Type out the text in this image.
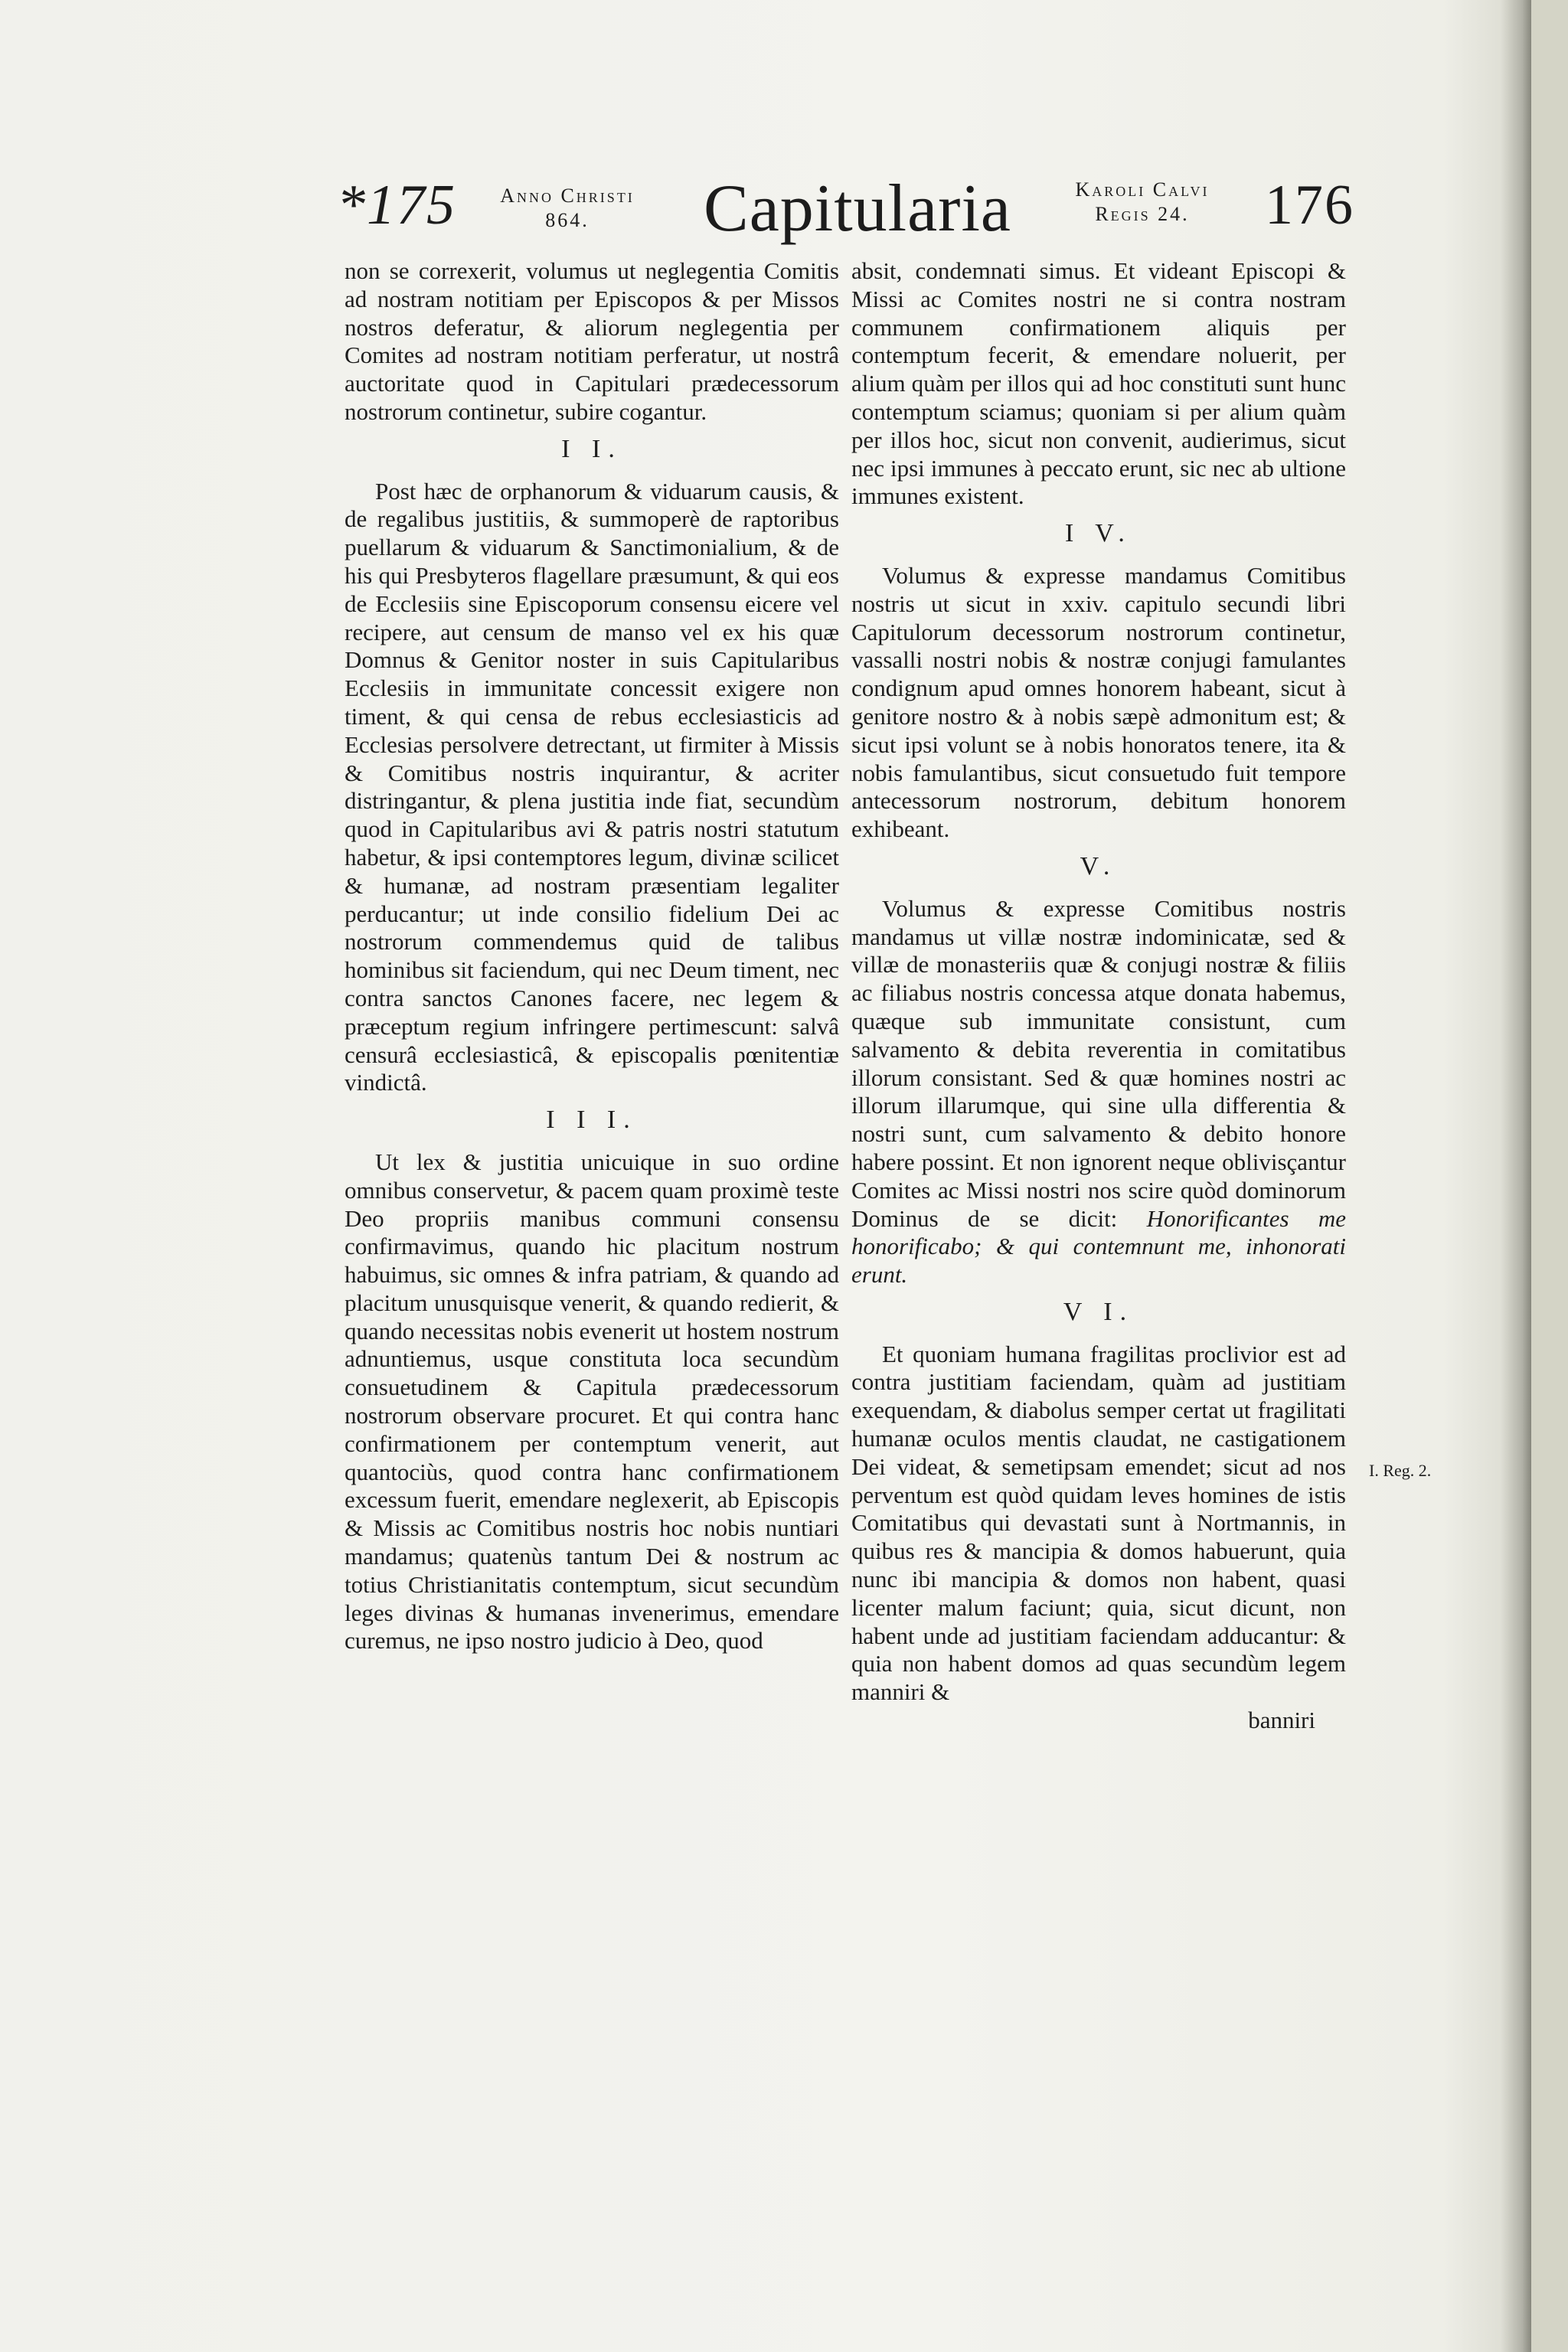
*175	Anno Christi
864.	Capitularia	Karoli Calvi
Regis 24.	176

non se correxerit, volumus ut neglegentia Comitis ad nostram notitiam per Episcopos & per Missos nostros deferatur, & aliorum neglegentia per Comites ad nostram notitiam perferatur, ut nostrâ auctoritate quod in Capitulari prædecessorum nostrorum continetur, subire cogantur.

I I.

Post hæc de orphanorum & viduarum causis, & de regalibus justitiis, & summoperè de raptoribus puellarum & viduarum & Sanctimonialium, & de his qui Presbyteros flagellare præsumunt, & qui eos de Ecclesiis sine Episcoporum consensu eicere vel recipere, aut censum de manso vel ex his quæ Domnus & Genitor noster in suis Capitularibus Ecclesiis in immunitate concessit exigere non timent, & qui censa de rebus ecclesiasticis ad Ecclesias persolvere detrectant, ut firmiter à Missis & Comitibus nostris inquirantur, & acriter distringantur, & plena justitia inde fiat, secundùm quod in Capitularibus avi & patris nostri statutum habetur, & ipsi contemptores legum, divinæ scilicet & humanæ, ad nostram præsentiam legaliter perducantur; ut inde consilio fidelium Dei ac nostrorum commendemus quid de talibus hominibus sit faciendum, qui nec Deum timent, nec contra sanctos Canones facere, nec legem & præceptum regium infringere pertimescunt: salvâ censurâ ecclesiasticâ, & episcopalis pœnitentiæ vindictâ.

I I I.

Ut lex & justitia unicuique in suo ordine omnibus conservetur, & pacem quam proximè teste Deo propriis manibus communi consensu confirmavimus, quando hic placitum nostrum habuimus, sic omnes & infra patriam, & quando ad placitum unusquisque venerit, & quando redierit, & quando necessitas nobis evenerit ut hostem nostrum adnuntiemus, usque constituta loca secundùm consuetudinem & Capitula prædecessorum nostrorum observare procuret. Et qui contra hanc confirmationem per contemptum venerit, aut quantociùs, quod contra hanc confirmationem excessum fuerit, emendare neglexerit, ab Episcopis & Missis ac Comitibus nostris hoc nobis nuntiari mandamus; quatenùs tantum Dei & nostrum ac totius Christianitatis contemptum, sicut secundùm leges divinas & humanas invenerimus, emendare curemus, ne ipso nostro judicio à Deo, quod

absit, condemnati simus. Et videant Episcopi & Missi ac Comites nostri ne si contra nostram communem confirmationem aliquis per contemptum fecerit, & emendare noluerit, per alium quàm per illos qui ad hoc constituti sunt hunc contemptum sciamus; quoniam si per alium quàm per illos hoc, sicut non convenit, audierimus, sicut nec ipsi immunes à peccato erunt, sic nec ab ultione immunes existent.

I V.

Volumus & expresse mandamus Comitibus nostris ut sicut in xxiv. capitulo secundi libri Capitulorum decessorum nostrorum continetur, vassalli nostri nobis & nostræ conjugi famulantes condignum apud omnes honorem habeant, sicut à genitore nostro & à nobis sæpè admonitum est; & sicut ipsi volunt se à nobis honoratos tenere, ita & nobis famulantibus, sicut consuetudo fuit tempore antecessorum nostrorum, debitum honorem exhibeant.

V.

Volumus & expresse Comitibus nostris mandamus ut villæ nostræ indominicatæ, sed & villæ de monasteriis quæ & conjugi nostræ & filiis ac filiabus nostris concessa atque donata habemus, quæque sub immunitate consistunt, cum salvamento & debita reverentia in comitatibus illorum consistant. Sed & quæ homines nostri ac illorum illarumque, qui sine ulla differentia & nostri sunt, cum salvamento & debito honore habere possint. Et non ignorent neque oblivisçantur Comites ac Missi nostri nos scire quòd dominorum Dominus de se dicit: Honorificantes me honorificabo; & qui contemnunt me, inhonorati erunt.

V I.

Et quoniam humana fragilitas proclivior est ad contra justitiam faciendam, quàm ad justitiam exequendam, & diabolus semper certat ut fragilitati humanæ oculos mentis claudat, ne castigationem Dei videat, & semetipsam emendet; sicut ad nos perventum est quòd quidam leves homines de istis Comitatibus qui devastati sunt à Nortmannis, in quibus res & mancipia & domos habuerunt, quia nunc ibi mancipia & domos non habent, quasi licenter malum faciunt; quia, sicut dicunt, non habent unde ad justitiam faciendam adducantur: & quia non habent domos ad quas secundùm legem manniri &

banniri
I. Reg. 2.
